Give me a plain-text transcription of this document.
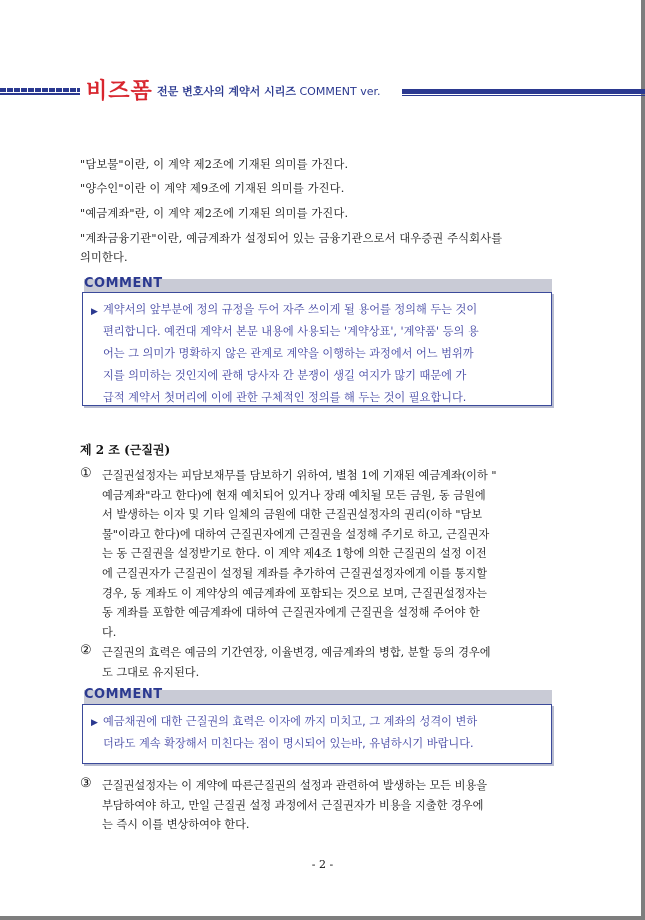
비즈폼 전문 변호사의 계약서 시리즈 COMMENT ver.
"담보물"이란, 이 계약 제2조에 기재된 의미를 가진다.
"양수인"이란 이 계약 제9조에 기재된 의미를 가진다.
"예금계좌"란, 이 계약 제2조에 기재된 의미를 가진다.
"계좌금융기관"이란, 예금계좌가 설정되어 있는 금융기관으로서 대우증권 주식회사를
의미한다.
COMMENT
▶ 계약서의 앞부분에 정의 규정을 두어 자주 쓰이게 될 용어를 정의해 두는 것이
편리합니다. 예컨대 계약서 본문 내용에 사용되는 '계약상표', '계약품' 등의 용
어는 그 의미가 명확하지 않은 관계로 계약을 이행하는 과정에서 어느 범위까
지를 의미하는 것인지에 관해 당사자 간 분쟁이 생길 여지가 많기 때문에 가
급적 계약서 첫머리에 이에 관한 구체적인 정의를 해 두는 것이 필요합니다.
제 2 조 (근질권)
① 근질권설정자는 피담보채무를 담보하기 위하여, 별첨 1에 기재된 예금계좌(이하 "
예금계좌"라고 한다)에 현재 예치되어 있거나 장래 예치될 모든 금원, 동 금원에
서 발생하는 이자 및 기타 일체의 금원에 대한 근질권설정자의 권리(이하 "담보
물"이라고 한다)에 대하여 근질권자에게 근질권을 설정해 주기로 하고, 근질권자
는 동 근질권을 설정받기로 한다. 이 계약 제4조 1항에 의한 근질권의 설정 이전
에 근질권자가 근질권이 설정될 계좌를 추가하여 근질권설정자에게 이를 통지할
경우, 동 계좌도 이 계약상의 예금계좌에 포함되는 것으로 보며, 근질권설정자는
동 계좌를 포함한 예금계좌에 대하여 근질권자에게 근질권을 설정해 주어야 한
다.
② 근질권의 효력은 예금의 기간연장, 이율변경, 예금계좌의 병합, 분할 등의 경우에
도 그대로 유지된다.
COMMENT
▶ 예금채권에 대한 근질권의 효력은 이자에 까지 미치고, 그 계좌의 성격이 변하
더라도 계속 확장해서 미친다는 점이 명시되어 있는바, 유념하시기 바랍니다.
③ 근질권설정자는 이 계약에 따른근질권의 설정과 관련하여 발생하는 모든 비용을
부담하여야 하고, 만일 근질권 설정 과정에서 근질권자가 비용을 지출한 경우에
는 즉시 이를 변상하여야 한다.
- 2 -
